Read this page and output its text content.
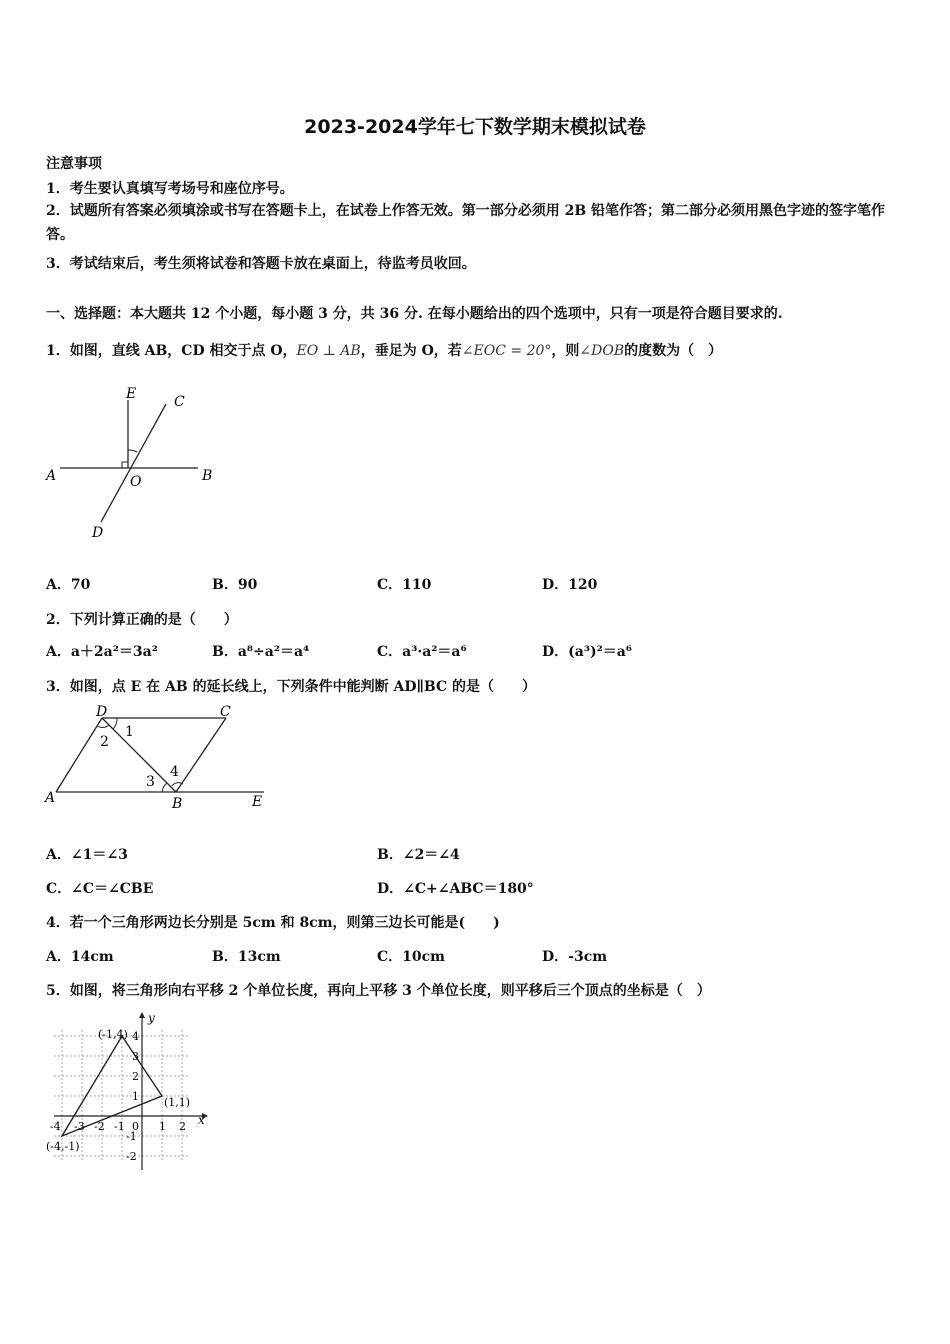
2023-2024学年七下数学期末模拟试卷
注意事项
1．考生要认真填写考场号和座位序号。
2．试题所有答案必须填涂或书写在答题卡上，在试卷上作答无效。第一部分必须用 2B 铅笔作答；第二部分必须用黑色字迹的签字笔作答。
3．考试结束后，考生须将试卷和答题卡放在桌面上，待监考员收回。
一、选择题：本大题共 12 个小题，每小题 3 分，共 36 分. 在每小题给出的四个选项中，只有一项是符合题目要求的.
1．如图，直线 AB，CD 相交于点 O，EO ⊥ AB，垂足为 O，若∠EOC = 20°，则∠DOB的度数为（　）
E	C
A	O	B
D
A．70	B．90	C．110	D．120
2．下列计算正确的是（　　）
A．a＋2a²＝3a²	B．a⁸÷a²＝a⁴	C．a³·a²＝a⁶	D．(a³)²＝a⁶
3．如图，点 E 在 AB 的延长线上，下列条件中能判断 AD∥BC 的是（　　）
D	C
A	B	E
1
2
3
4
A．∠1＝∠3	B．∠2＝∠4
C．∠C＝∠CBE	D．∠C+∠ABC＝180°
4．若一个三角形两边长分别是 5cm 和 8cm，则第三边长可能是(　　)
A．14cm	B．13cm	C．10cm	D．-3cm
5．如图，将三角形向右平移 2 个单位长度，再向上平移 3 个单位长度，则平移后三个顶点的坐标是（　）
y
x
(-1,4)
(1,1)
(-4,-1)
4
3
2
1
-1
-2
-4 -3 -2 -1 0 1 2
